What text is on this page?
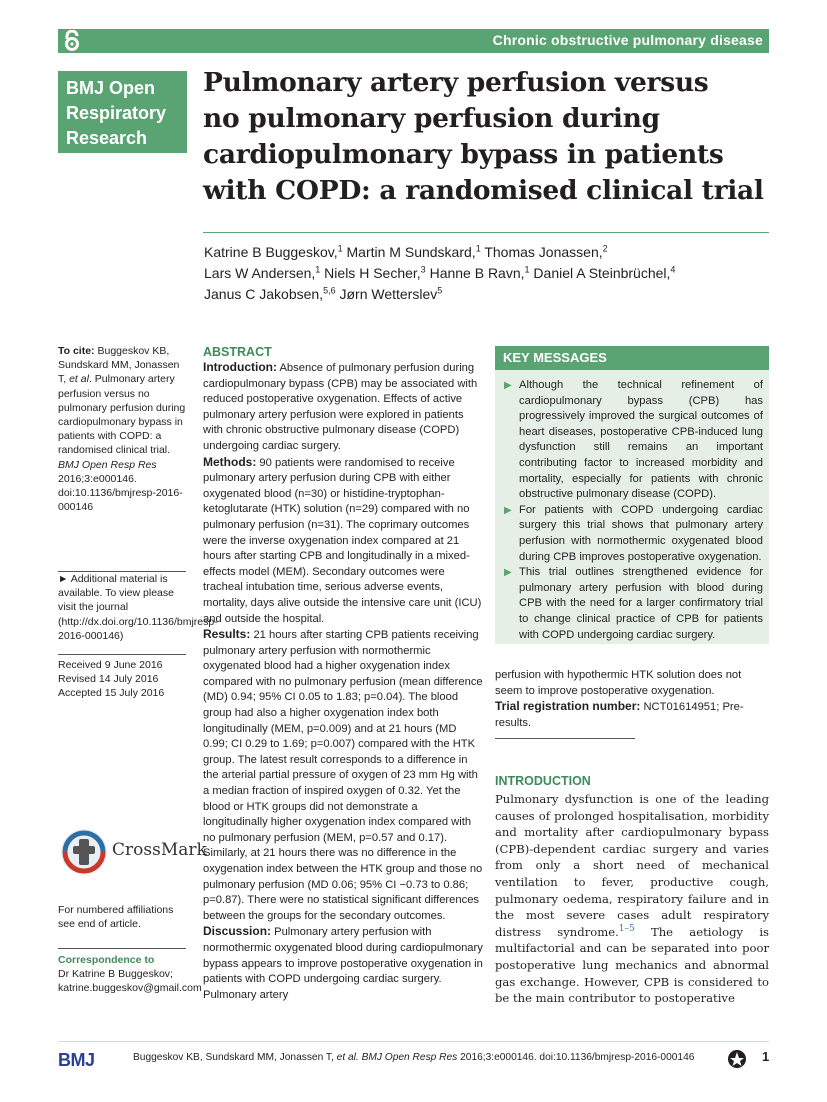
Chronic obstructive pulmonary disease
BMJ Open
Respiratory
Research
Pulmonary artery perfusion versus
no pulmonary perfusion during
cardiopulmonary bypass in patients
with COPD: a randomised clinical trial
Katrine B Buggeskov,$^1$ Martin M Sundskard,$^1$ Thomas Jonassen,$^2$
Lars W Andersen,$^1$ Niels H Secher,$^3$ Hanne B Ravn,$^1$ Daniel A Steinbrüchel,$^4$
Janus C Jakobsen,$^{5,6}$ Jørn Wetterslev$^5$
To cite: Buggeskov KB, Sundskard MM, Jonassen T, et al. Pulmonary artery perfusion versus no pulmonary perfusion during cardiopulmonary bypass in patients with COPD: a randomised clinical trial. BMJ Open Resp Res 2016;3:e000146. doi:10.1136/bmjresp-2016-000146
► Additional material is available. To view please visit the journal (http://dx.doi.org/10.1136/bmjresp-2016-000146)
Received 9 June 2016
Revised 14 July 2016
Accepted 15 July 2016
CrossMark
For numbered affiliations see end of article.
Correspondence to
Dr Katrine B Buggeskov;
katrine.buggeskov@gmail.com
ABSTRACT
Introduction: Absence of pulmonary perfusion during cardiopulmonary bypass (CPB) may be associated with reduced postoperative oxygenation. Effects of active pulmonary artery perfusion were explored in patients with chronic obstructive pulmonary disease (COPD) undergoing cardiac surgery.
Methods: 90 patients were randomised to receive pulmonary artery perfusion during CPB with either oxygenated blood (n=30) or histidine-tryptophan-ketoglutarate (HTK) solution (n=29) compared with no pulmonary perfusion (n=31). The coprimary outcomes were the inverse oxygenation index compared at 21 hours after starting CPB and longitudinally in a mixed-effects model (MEM). Secondary outcomes were tracheal intubation time, serious adverse events, mortality, days alive outside the intensive care unit (ICU) and outside the hospital.
Results: 21 hours after starting CPB patients receiving pulmonary artery perfusion with normothermic oxygenated blood had a higher oxygenation index compared with no pulmonary perfusion (mean difference (MD) 0.94; 95% CI 0.05 to 1.83; p=0.04). The blood group had also a higher oxygenation index both longitudinally (MEM, p=0.009) and at 21 hours (MD 0.99; CI 0.29 to 1.69; p=0.007) compared with the HTK group. The latest result corresponds to a difference in the arterial partial pressure of oxygen of 23 mm Hg with a median fraction of inspired oxygen of 0.32. Yet the blood or HTK groups did not demonstrate a longitudinally higher oxygenation index compared with no pulmonary perfusion (MEM, p=0.57 and 0.17). Similarly, at 21 hours there was no difference in the oxygenation index between the HTK group and those no pulmonary perfusion (MD 0.06; 95% CI −0.73 to 0.86; p=0.87). There were no statistical significant differences between the groups for the secondary outcomes.
Discussion: Pulmonary artery perfusion with normothermic oxygenated blood during cardiopulmonary bypass appears to improve postoperative oxygenation in patients with COPD undergoing cardiac surgery. Pulmonary artery
KEY MESSAGES
▶ Although the technical refinement of cardiopulmonary bypass (CPB) has progressively improved the surgical outcomes of heart diseases, postoperative CPB-induced lung dysfunction still remains an important contributing factor to increased morbidity and mortality, especially for patients with chronic obstructive pulmonary disease (COPD).
▶ For patients with COPD undergoing cardiac surgery this trial shows that pulmonary artery perfusion with normothermic oxygenated blood during CPB improves postoperative oxygenation.
▶ This trial outlines strengthened evidence for pulmonary artery perfusion with blood during CPB with the need for a larger confirmatory trial to change clinical practice of CPB for patients with COPD undergoing cardiac surgery.
perfusion with hypothermic HTK solution does not seem to improve postoperative oxygenation.
Trial registration number: NCT01614951; Pre-results.
INTRODUCTION
Pulmonary dysfunction is one of the leading causes of prolonged hospitalisation, morbidity and mortality after cardiopulmonary bypass (CPB)-dependent cardiac surgery and varies from only a short need of mechanical ventilation to fever, productive cough, pulmonary oedema, respiratory failure and in the most severe cases adult respiratory distress syndrome.$^{1-5}$ The aetiology is multifactorial and can be separated into poor postoperative lung mechanics and abnormal gas exchange. However, CPB is considered to be the main contributor to postoperative
BMJ	Buggeskov KB, Sundskard MM, Jonassen T, et al. BMJ Open Resp Res 2016;3:e000146. doi:10.1136/bmjresp-2016-000146	1
